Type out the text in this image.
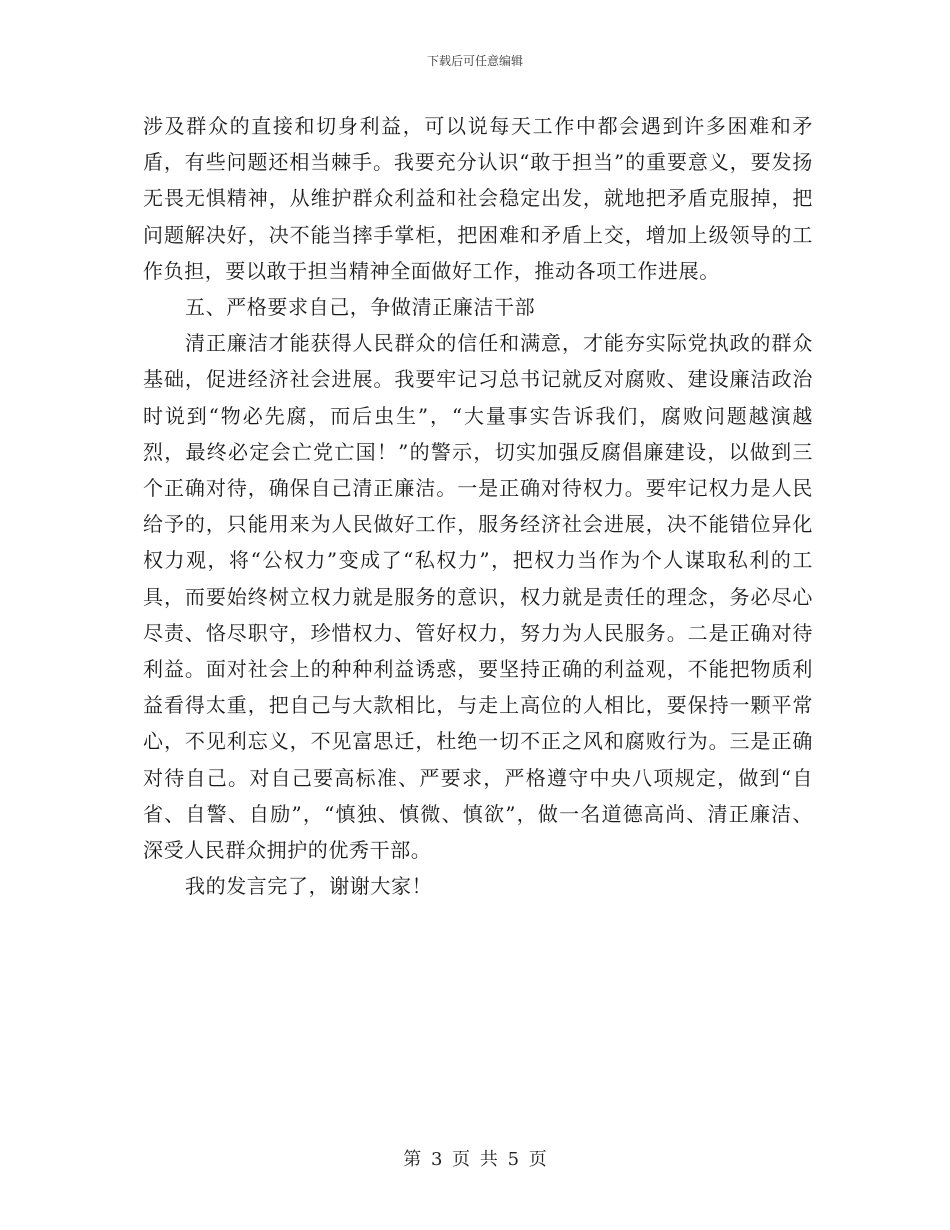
下载后可任意编辑

涉及群众的直接和切身利益，可以说每天工作中都会遇到许多困难和矛盾，有些问题还相当棘手。我要充分认识“敢于担当”的重要意义，要发扬无畏无惧精神，从维护群众利益和社会稳定出发，就地把矛盾克服掉，把问题解决好，决不能当摔手掌柜，把困难和矛盾上交，增加上级领导的工作负担，要以敢于担当精神全面做好工作，推动各项工作进展。

五、严格要求自己，争做清正廉洁干部

清正廉洁才能获得人民群众的信任和满意，才能夯实际党执政的群众基础，促进经济社会进展。我要牢记习总书记就反对腐败、建设廉洁政治时说到“物必先腐，而后虫生”，“大量事实告诉我们，腐败问题越演越烈，最终必定会亡党亡国！”的警示，切实加强反腐倡廉建设，以做到三个正确对待，确保自己清正廉洁。一是正确对待权力。要牢记权力是人民给予的，只能用来为人民做好工作，服务经济社会进展，决不能错位异化权力观，将“公权力”变成了“私权力”，把权力当作为个人谋取私利的工具，而要始终树立权力就是服务的意识，权力就是责任的理念，务必尽心尽责、恪尽职守，珍惜权力、管好权力，努力为人民服务。二是正确对待利益。面对社会上的种种利益诱惑，要坚持正确的利益观，不能把物质利益看得太重，把自己与大款相比，与走上高位的人相比，要保持一颗平常心，不见利忘义，不见富思迁，杜绝一切不正之风和腐败行为。三是正确对待自己。对自己要高标准、严要求，严格遵守中央八项规定，做到“自省、自警、自励”，“慎独、慎微、慎欲”，做一名道德高尚、清正廉洁、深受人民群众拥护的优秀干部。

我的发言完了，谢谢大家！

第 3 页 共 5 页
